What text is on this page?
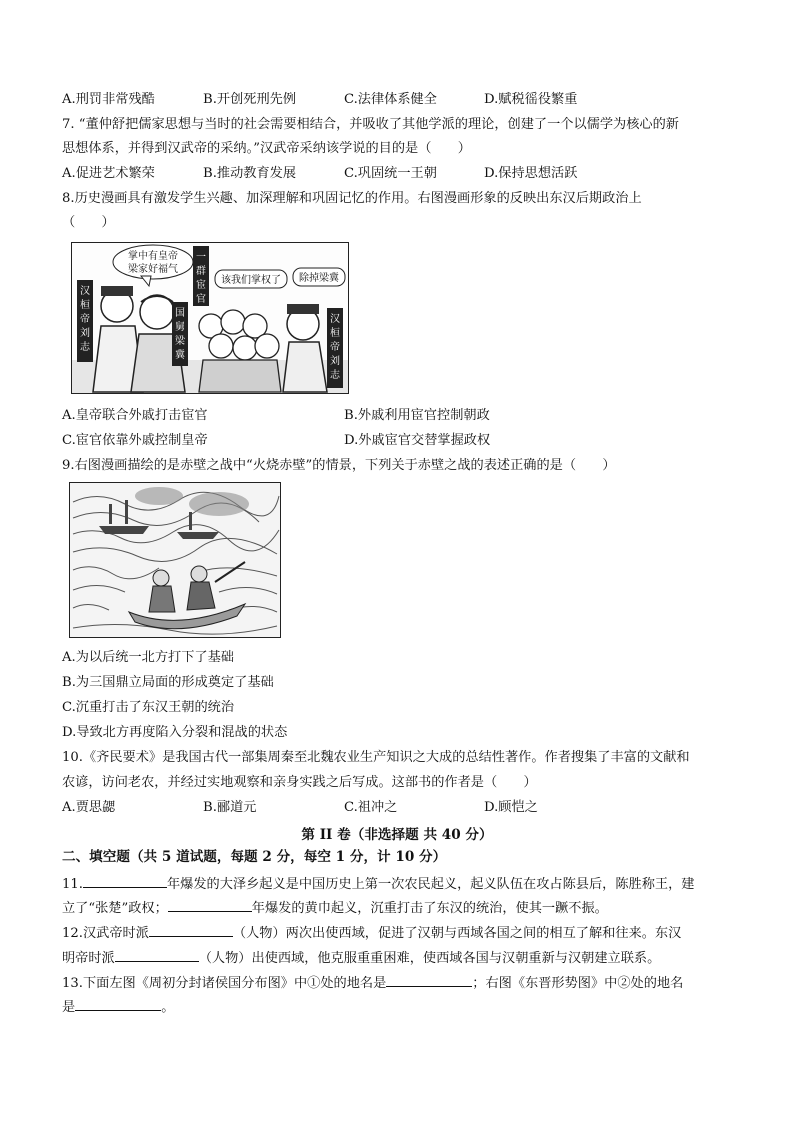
A.刑罚非常残酷	B.开创死刑先例	C.法律体系健全	D.赋税徭役繁重
7. “董仲舒把儒家思想与当时的社会需要相结合，并吸收了其他学派的理论，创建了一个以儒学为核心的新
思想体系，并得到汉武帝的采纳。”汉武帝采纳该学说的目的是（　　）
A.促进艺术繁荣	B.推动教育发展	C.巩固统一王朝	D.保持思想活跃
8.历史漫画具有激发学生兴趣、加深理解和巩固记忆的作用。右图漫画形象的反映出东汉后期政治上
（　　）
掌中有皇帝
梁家好福气
汉桓帝刘志
国舅梁冀
一群宦官
该我们掌权了 除掉梁冀
汉桓帝刘志
A.皇帝联合外戚打击宦官	B.外戚利用宦官控制朝政
C.宦官依靠外戚控制皇帝	D.外戚宦官交替掌握政权
9.右图漫画描绘的是赤壁之战中“火烧赤壁”的情景，下列关于赤壁之战的表述正确的是（　　）
A.为以后统一北方打下了基础
B.为三国鼎立局面的形成奠定了基础
C.沉重打击了东汉王朝的统治
D.导致北方再度陷入分裂和混战的状态
10.《齐民要术》是我国古代一部集周秦至北魏农业生产知识之大成的总结性著作。作者搜集了丰富的文献和
农谚，访问老农，并经过实地观察和亲身实践之后写成。这部书的作者是（　　）
A.贾思勰	B.郦道元	C.祖冲之	D.顾恺之
第 II 卷（非选择题 共 40 分）
二、填空题（共 5 道试题，每题 2 分，每空 1 分，计 10 分）
11.	年爆发的大泽乡起义是中国历史上第一次农民起义，起义队伍在攻占陈县后，陈胜称王，建
立了“张楚”政权；	年爆发的黄巾起义，沉重打击了东汉的统治，使其一蹶不振。
12.汉武帝时派	（人物）两次出使西域，促进了汉朝与西域各国之间的相互了解和往来。东汉
明帝时派	（人物）出使西域，他克服重重困难，使西域各国与汉朝重新与汉朝建立联系。
13.下面左图《周初分封诸侯国分布图》中①处的地名是	；右图《东晋形势图》中②处的地名
是	。
